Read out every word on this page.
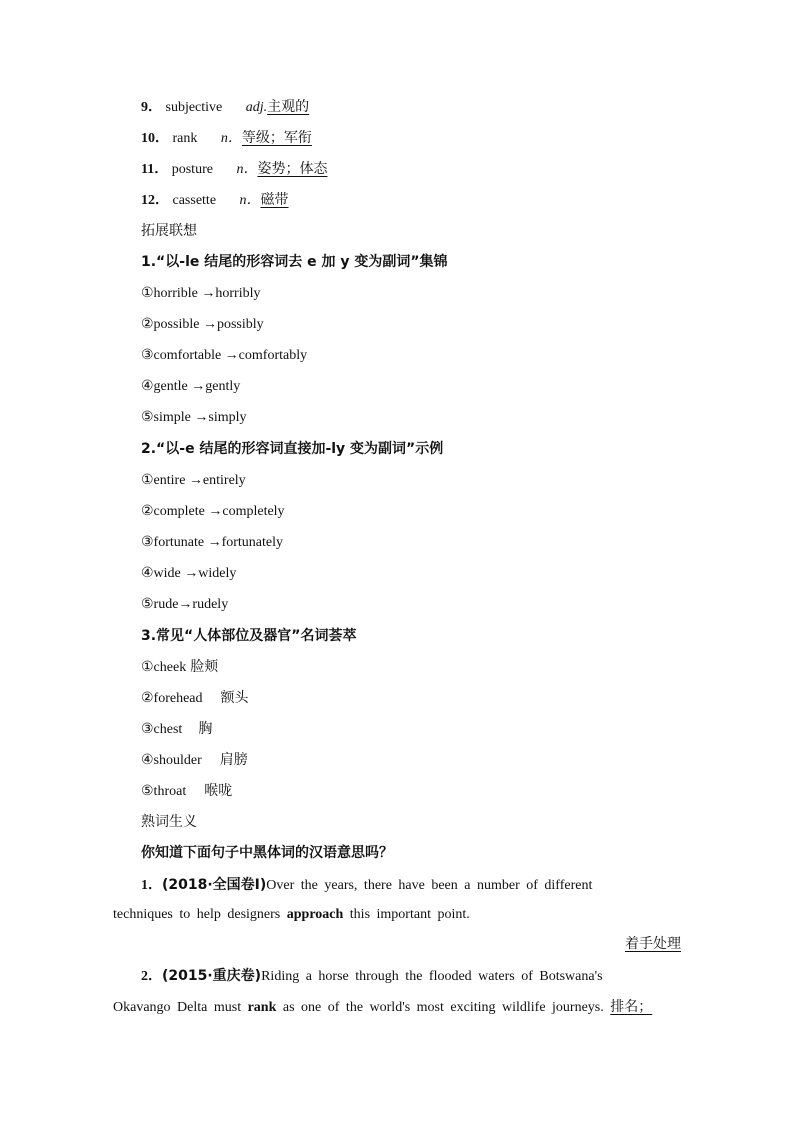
9． subjective adj.主观的
10． rank n．等级；军衔
11． posture n．姿势；体态
12． cassette n．磁带
拓展联想
1.“以-le 结尾的形容词去 e 加 y 变为副词”集锦
①horrible →horribly
②possible →possibly
③comfortable →comfortably
④gentle →gently
⑤simple →simply
2.“以-e 结尾的形容词直接加-ly 变为副词”示例
①entire →entirely
②complete →completely
③fortunate →fortunately
④wide →widely
⑤rude→rudely
3.常见“人体部位及器官”名词荟萃
①cheek 脸颊
②forehead 额头
③chest 胸
④shoulder 肩膀
⑤throat 喉咙
熟词生义
你知道下面句子中黑体词的汉语意思吗？
1．(2018·全国卷Ⅰ)Over the years, there have been a number of different
techniques to help designers approach this important point.
着手处理
2．(2015·重庆卷)Riding a horse through the flooded waters of Botswana's
Okavango Delta must rank as one of the world's most exciting wildlife journeys. 排名；
